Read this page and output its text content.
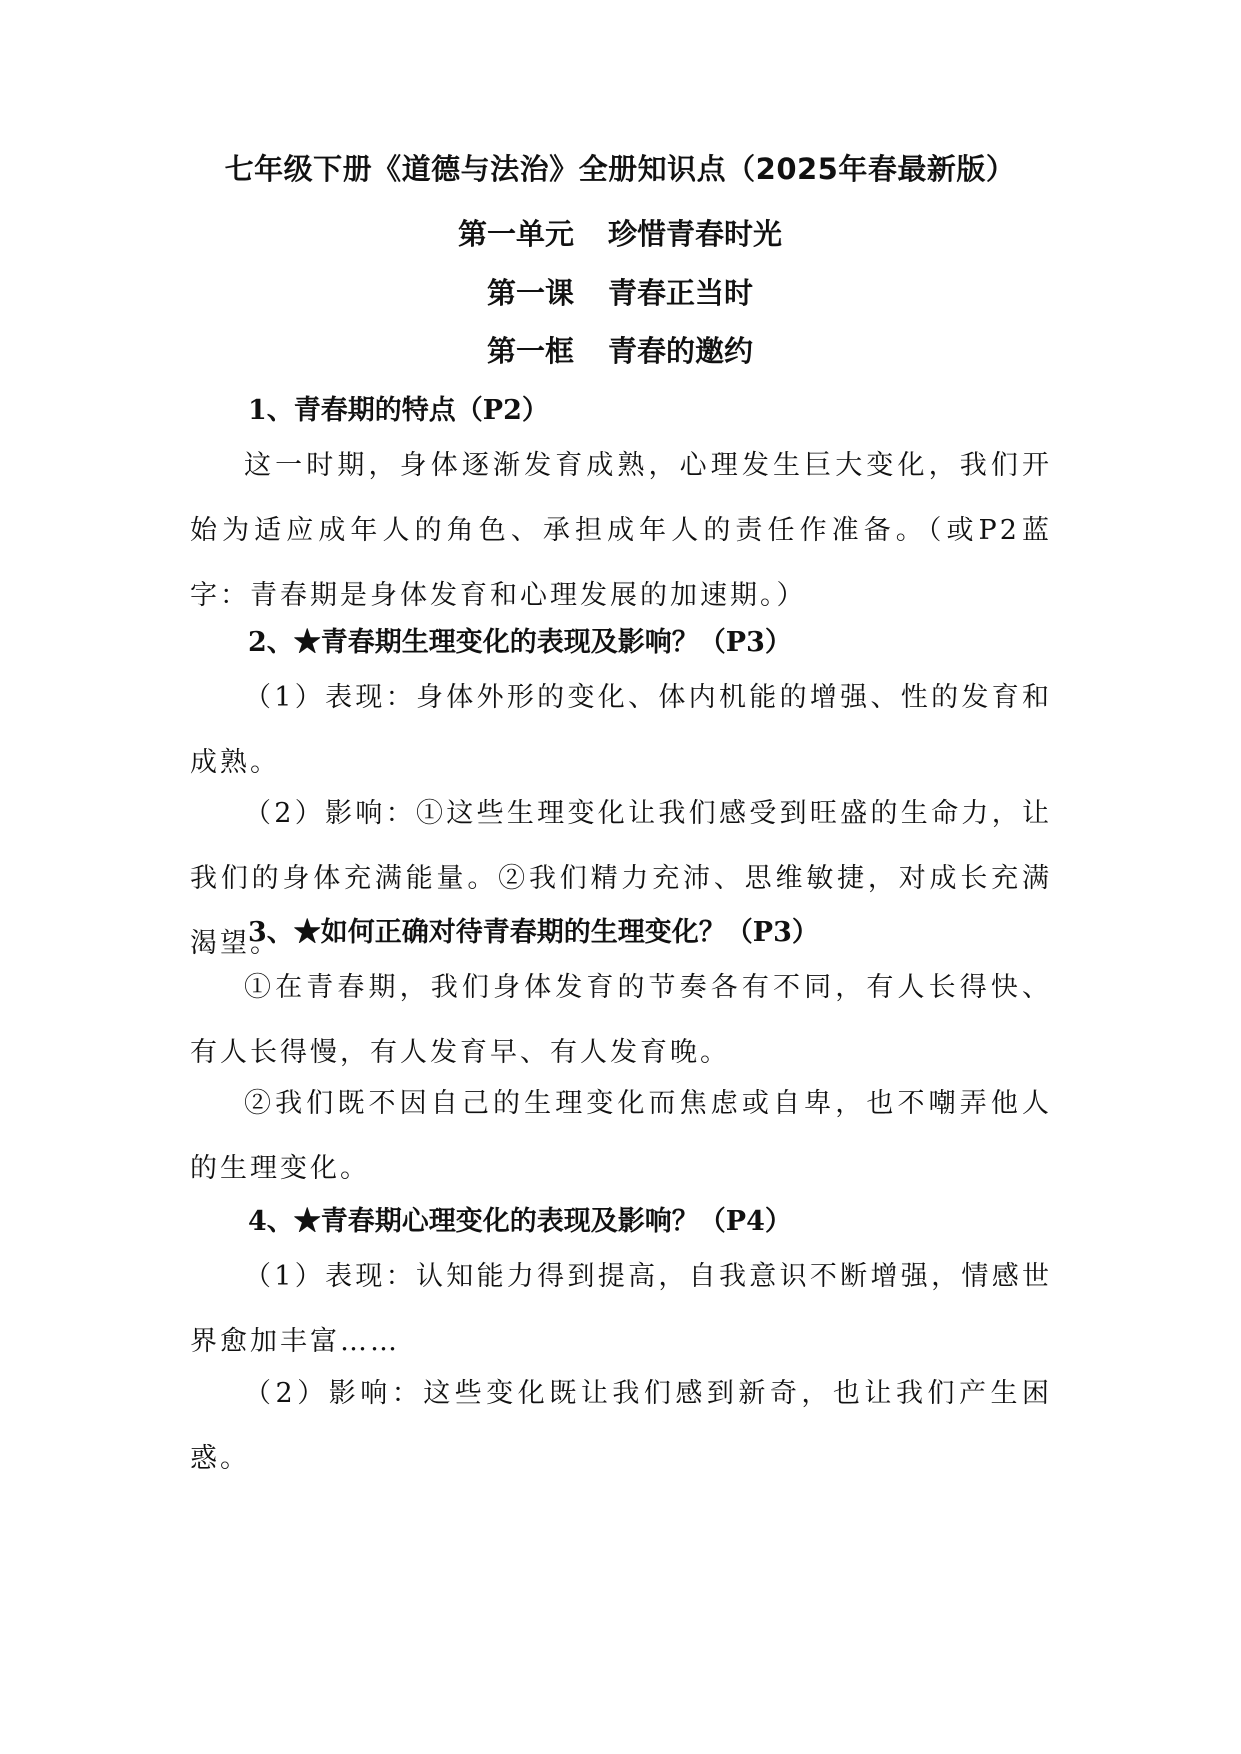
七年级下册《道德与法治》全册知识点（2025年春最新版）
第一单元 珍惜青春时光
第一课 青春正当时
第一框 青春的邀约
1、青春期的特点（P2）
这一时期，身体逐渐发育成熟，心理发生巨大变化，我们开始为适应成年人的角色、承担成年人的责任作准备。（或P2蓝字：青春期是身体发育和心理发展的加速期。）
2、★青春期生理变化的表现及影响？（P3）
（1）表现：身体外形的变化、体内机能的增强、性的发育和成熟。
（2）影响：①这些生理变化让我们感受到旺盛的生命力，让我们的身体充满能量。②我们精力充沛、思维敏捷，对成长充满渴望。
3、★如何正确对待青春期的生理变化？（P3）
①在青春期，我们身体发育的节奏各有不同，有人长得快、有人长得慢，有人发育早、有人发育晚。
②我们既不因自己的生理变化而焦虑或自卑，也不嘲弄他人的生理变化。
4、★青春期心理变化的表现及影响？（P4）
（1）表现：认知能力得到提高，自我意识不断增强，情感世界愈加丰富……
（2）影响：这些变化既让我们感到新奇，也让我们产生困惑。
